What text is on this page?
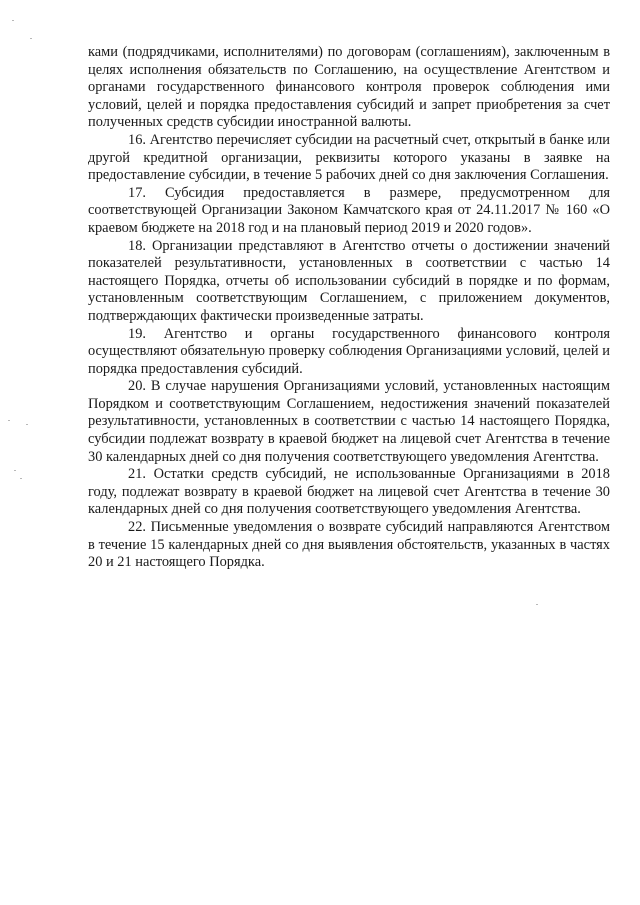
ками (подрядчиками, исполнителями) по договорам (соглашениям), заключенным в целях исполнения обязательств по Соглашению, на осуществление Агентством и органами государственного финансового контроля проверок соблюдения ими условий, целей и порядка предоставления субсидий и запрет приобретения за счет полученных средств субсидии иностранной валюты.

16. Агентство перечисляет субсидии на расчетный счет, открытый в банке или другой кредитной организации, реквизиты которого указаны в заявке на предоставление субсидии, в течение 5 рабочих дней со дня заключения Соглашения.

17. Субсидия предоставляется в размере, предусмотренном для соответствующей Организации Законом Камчатского края от 24.11.2017 № 160 «О краевом бюджете на 2018 год и на плановый период 2019 и 2020 годов».

18. Организации представляют в Агентство отчеты о достижении значений показателей результативности, установленных в соответствии с частью 14 настоящего Порядка, отчеты об использовании субсидий в порядке и по формам, установленным соответствующим Соглашением, с приложением документов, подтверждающих фактически произведенные затраты.

19. Агентство и органы государственного финансового контроля осуществляют обязательную проверку соблюдения Организациями условий, целей и порядка предоставления субсидий.

20. В случае нарушения Организациями условий, установленных настоящим Порядком и соответствующим Соглашением, недостижения значений показателей результативности, установленных в соответствии с частью 14 настоящего Порядка, субсидии подлежат возврату в краевой бюджет на лицевой счет Агентства в течение 30 календарных дней со дня получения соответствующего уведомления Агентства.

21. Остатки средств субсидий, не использованные Организациями в 2018 году, подлежат возврату в краевой бюджет на лицевой счет Агентства в течение 30 календарных дней со дня получения соответствующего уведомления Агентства.

22. Письменные уведомления о возврате субсидий направляются Агентством в течение 15 календарных дней со дня выявления обстоятельств, указанных в частях 20 и 21 настоящего Порядка.
